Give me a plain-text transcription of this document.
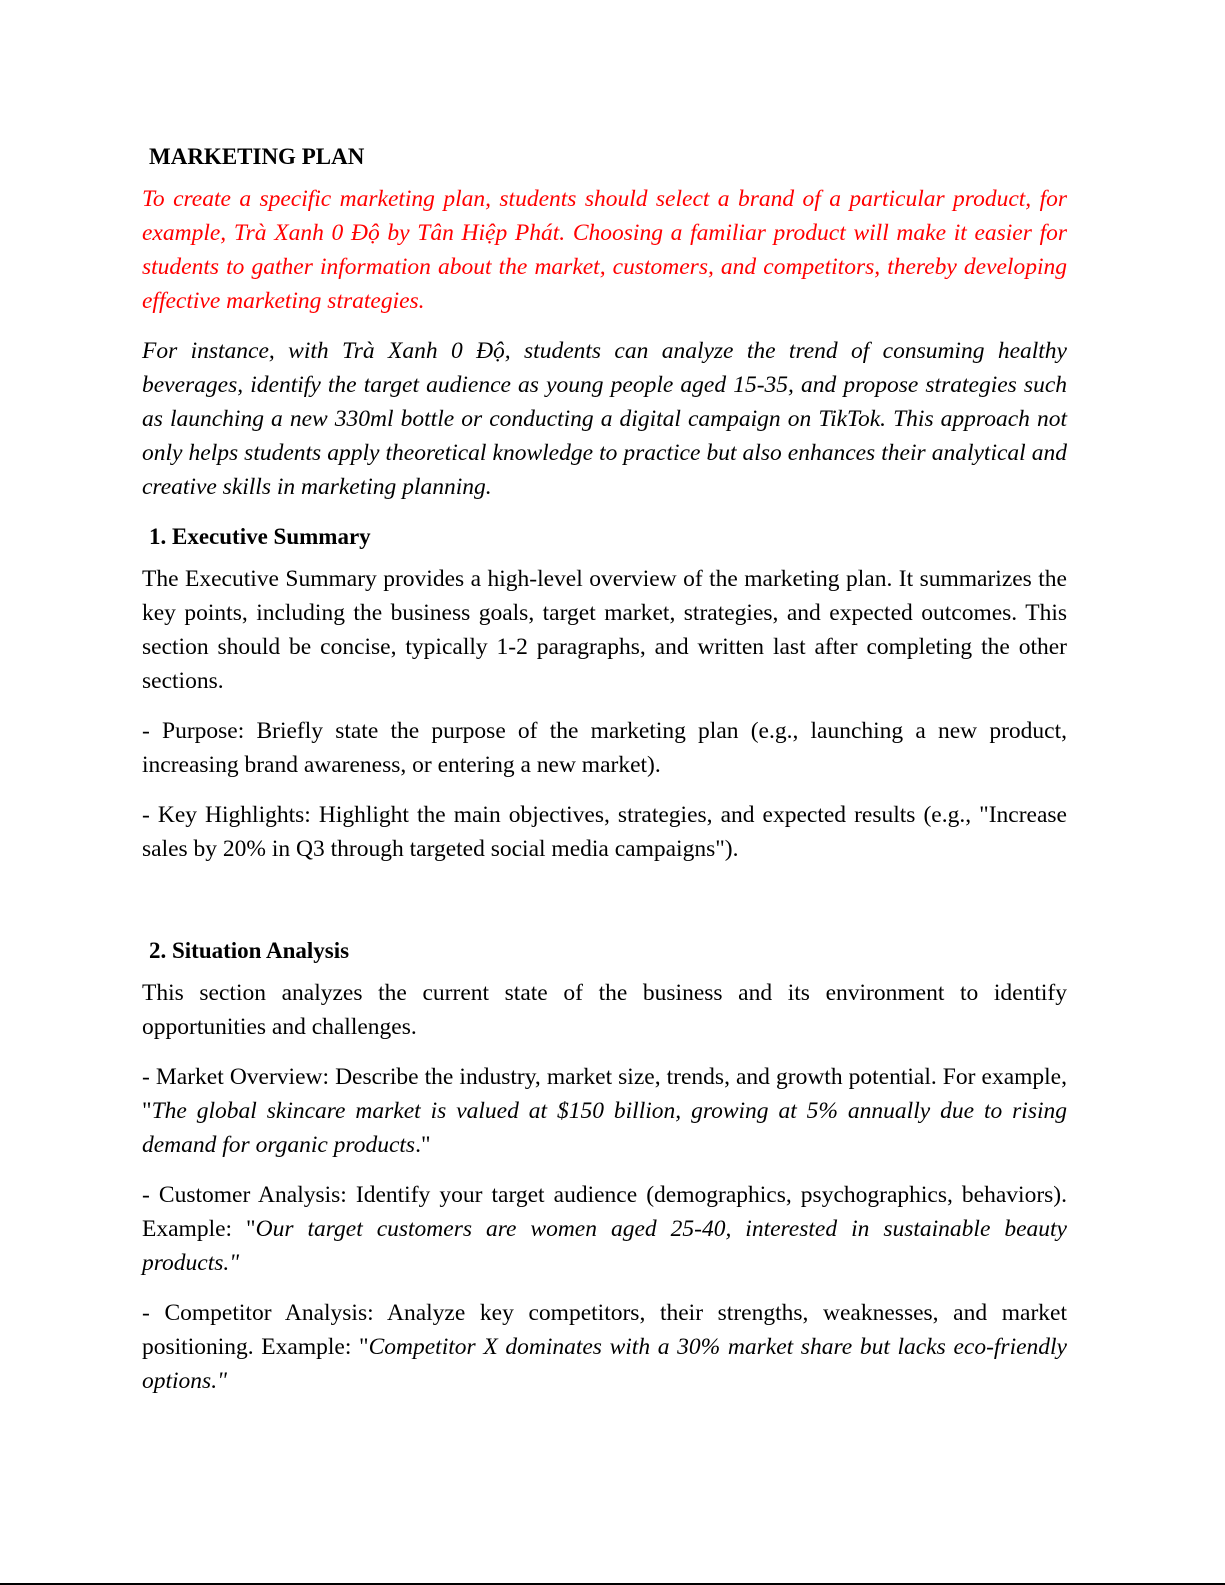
MARKETING PLAN

To create a specific marketing plan, students should select a brand of a particular product, for example, Trà Xanh 0 Độ by Tân Hiệp Phát. Choosing a familiar product will make it easier for students to gather information about the market, customers, and competitors, thereby developing effective marketing strategies.

For instance, with Trà Xanh 0 Độ, students can analyze the trend of consuming healthy beverages, identify the target audience as young people aged 15-35, and propose strategies such as launching a new 330ml bottle or conducting a digital campaign on TikTok. This approach not only helps students apply theoretical knowledge to practice but also enhances their analytical and creative skills in marketing planning.

1. Executive Summary

The Executive Summary provides a high-level overview of the marketing plan. It summarizes the key points, including the business goals, target market, strategies, and expected outcomes. This section should be concise, typically 1-2 paragraphs, and written last after completing the other sections.

- Purpose: Briefly state the purpose of the marketing plan (e.g., launching a new product, increasing brand awareness, or entering a new market).

- Key Highlights: Highlight the main objectives, strategies, and expected results (e.g., "Increase sales by 20% in Q3 through targeted social media campaigns").

2. Situation Analysis

This section analyzes the current state of the business and its environment to identify opportunities and challenges.

- Market Overview: Describe the industry, market size, trends, and growth potential. For example, "The global skincare market is valued at $150 billion, growing at 5% annually due to rising demand for organic products."

- Customer Analysis: Identify your target audience (demographics, psychographics, behaviors). Example: "Our target customers are women aged 25-40, interested in sustainable beauty products."

- Competitor Analysis: Analyze key competitors, their strengths, weaknesses, and market positioning. Example: "Competitor X dominates with a 30% market share but lacks eco-friendly options."
